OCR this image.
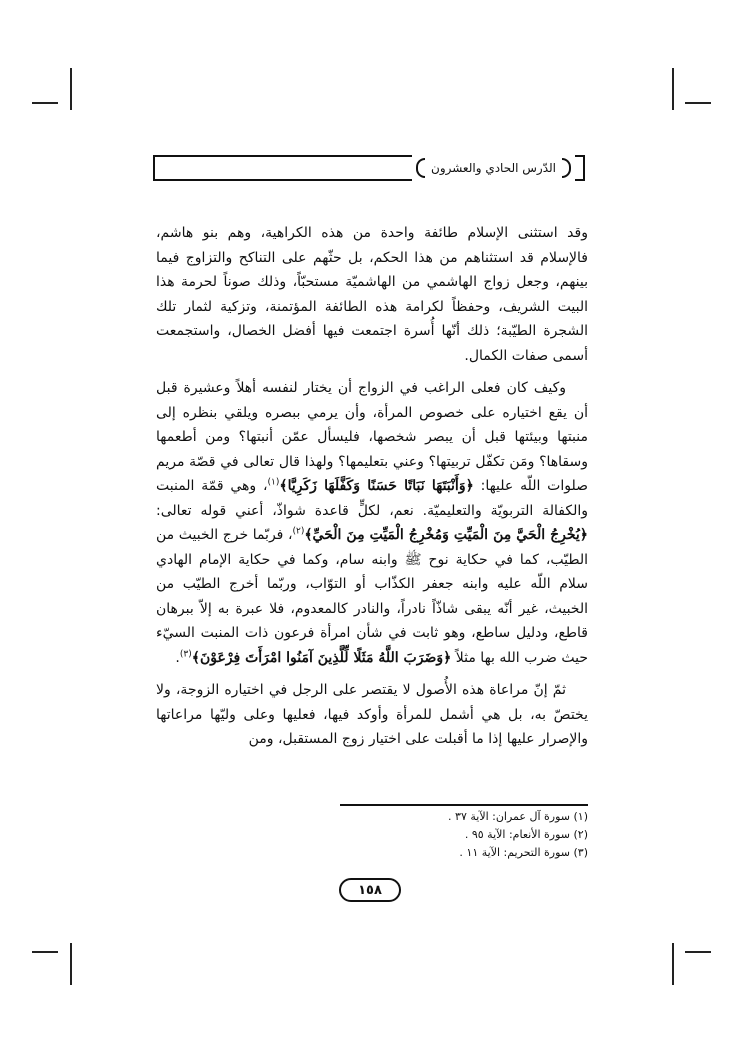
الدّرس الحادي والعشرون

وقد استثنى الإسلام طائفة واحدة من هذه الكراهية، وهم بنو هاشم، فالإسلام قد استثناهم من هذا الحكم، بل حثّهم على التناكح والتزاوج فيما بينهم، وجعل زواج الهاشمي من الهاشميّة مستحبّاً، وذلك صوناً لحرمة هذا البيت الشريف، وحفظاً لكرامة هذه الطائفة المؤتمنة، وتزكية لثمار تلك الشجرة الطيّبة؛ ذلك أنّها أُسرة اجتمعت فيها أفضل الخصال، واستجمعت أسمى صفات الكمال.

وكيف كان فعلى الراغب في الزواج أن يختار لنفسه أهلاً وعشيرة قبل أن يقع اختياره على خصوص المرأة، وأن يرمي ببصره ويلقي بنظره إلى منبتها وبيئتها قبل أن يبصر شخصها، فليسأل عمّن أنبتها؟ ومن أطعمها وسقاها؟ ومَن تكفّل تربيتها؟ وعني بتعليمها؟ ولهذا قال تعالى في قصّة مريم صلوات اللّه عليها: ﴿وَأَنْبَتَهَا نَبَاتًا حَسَنًا وَكَفَّلَهَا زَكَرِيَّا﴾$^{(١)}$، وهي قمّة المنبت والكفالة التربويّة والتعليميّة. نعم، لكلٍّ قاعدة شواذّ، أعني قوله تعالى: ﴿يُخْرِجُ الْحَيَّ مِنَ الْمَيِّتِ وَمُخْرِجُ الْمَيِّتِ مِنَ الْحَيِّ﴾$^{(٢)}$، فربّما خرج الخبيث من الطيّب، كما في حكاية نوح ﷺ وابنه سام، وكما في حكاية الإمام الهادي سلام اللّه عليه وابنه جعفر الكذّاب أو التوّاب، وربّما أخرج الطيّب من الخبيث، غير أنّه يبقى شاذّاً نادراً، والنادر كالمعدوم، فلا عبرة به إلاّ ببرهان قاطع، ودليل ساطع، وهو ثابت في شأن امرأة فرعون ذات المنبت السيّء حيث ضرب الله بها مثلاً ﴿وَضَرَبَ اللَّهُ مَثَلًا لِّلَّذِينَ آمَنُوا امْرَأَتَ فِرْعَوْنَ﴾$^{(٣)}$.

ثمّ إنّ مراعاة هذه الأُصول لا يقتصر على الرجل في اختياره الزوجة، ولا يختصّ به، بل هي أشمل للمرأة وأوكد فيها، فعليها وعلى وليّها مراعاتها والإصرار عليها إذا ما أقبلت على اختيار زوج المستقبل، ومن

(١) سورة آل عمران: الآية ٣٧ .
(٢) سورة الأنعام: الآية ٩٥ .
(٣) سورة التحريم: الآية ١١ .
١٥٨
